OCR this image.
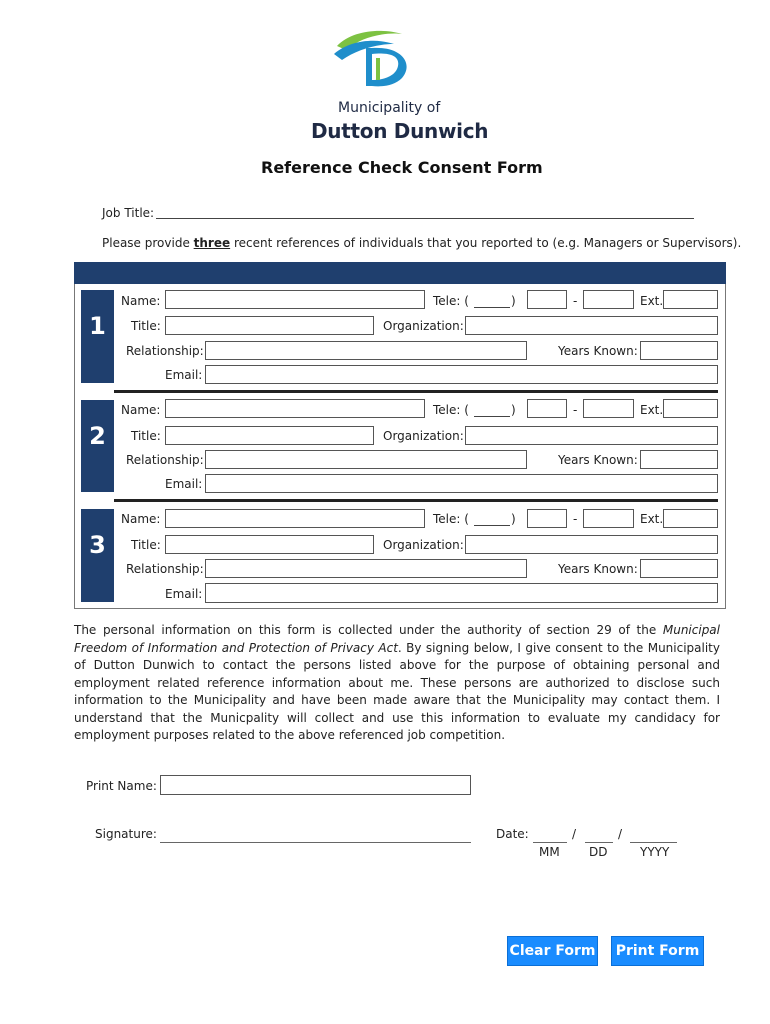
Municipality of
Dutton Dunwich
Reference Check Consent Form
Job Title:
Please provide three recent references of individuals that you reported to (e.g. Managers or Supervisors).
1
2
3
Name:	Tele: (	)	-	Ext.
Title:	Organization:
Relationship:	Years Known:
Email:
Name:	Tele: (	)	-	Ext.
Title:	Organization:
Relationship:	Years Known:
Email:
Name:	Tele: (	)	-	Ext.
Title:	Organization:
Relationship:	Years Known:
Email:
The personal information on this form is collected under the authority of section 29 of the Municipal Freedom of Information and Protection of Privacy Act. By signing below, I give consent to the Municipality of Dutton Dunwich to contact the persons listed above for the purpose of obtaining personal and employment related reference information about me. These persons are authorized to disclose such information to the Municipality and have been made aware that the Municipality may contact them. I understand that the Municpality will collect and use this information to evaluate my candidacy for employment purposes related to the above referenced job competition.
Print Name:
Signature:	Date:	/	/
MM DD	YYYY
Clear Form	Print Form
